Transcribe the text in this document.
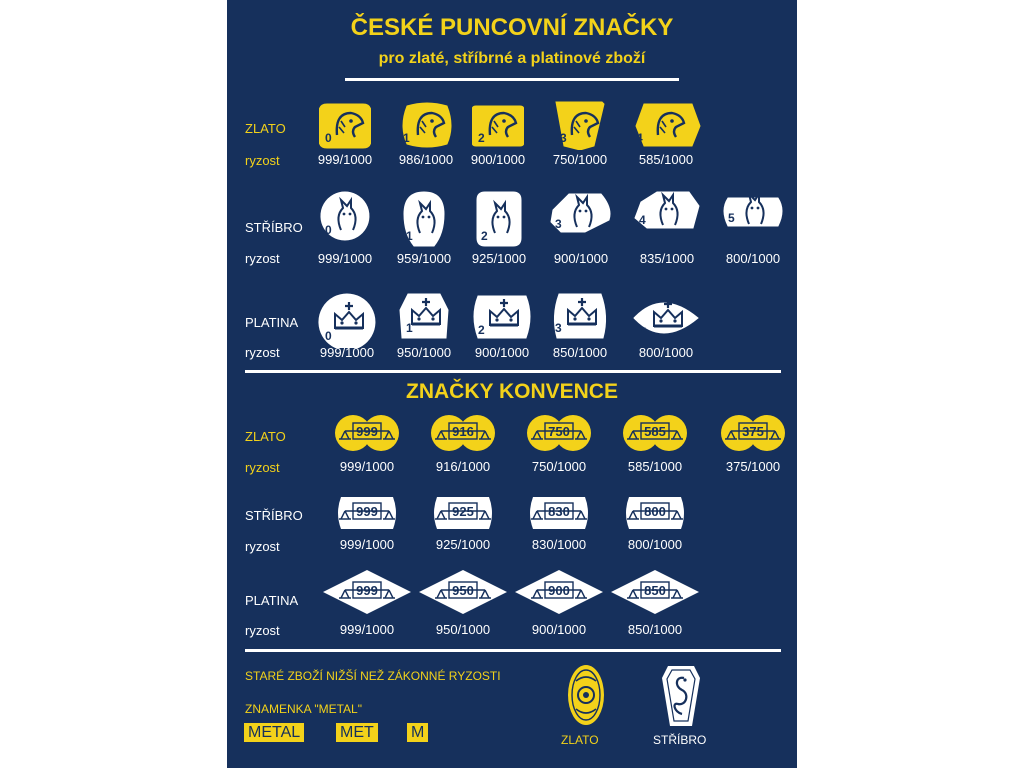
ČESKÉ PUNCOVNÍ ZNAČKY
pro zlaté, stříbrné a platinové zboží
ZLATO
ryzost
STŘÍBRO
ryzost
PLATINA
ryzost
0
999/1000
1
986/1000
2
900/1000
3
750/1000
4
585/1000
0
999/1000
1
959/1000
2
925/1000
3
900/1000
4
835/1000
5
800/1000
0
999/1000
1
950/1000
2
900/1000
3
850/1000
4
800/1000
ZNAČKY KONVENCE
ZLATO
ryzost
STŘÍBRO
ryzost
PLATINA
ryzost
999
999/1000
916
916/1000
750
750/1000
585
585/1000
375
375/1000
999
999/1000
925
925/1000
830
830/1000
800
800/1000
999
999/1000
950
950/1000
900
900/1000
850
850/1000
STARÉ ZBOŽÍ NIŽŠÍ NEŽ ZÁKONNÉ RYZOSTI
ZNAMENKA "METAL"
METAL MET M	ZLATO	STŘÍBRO
